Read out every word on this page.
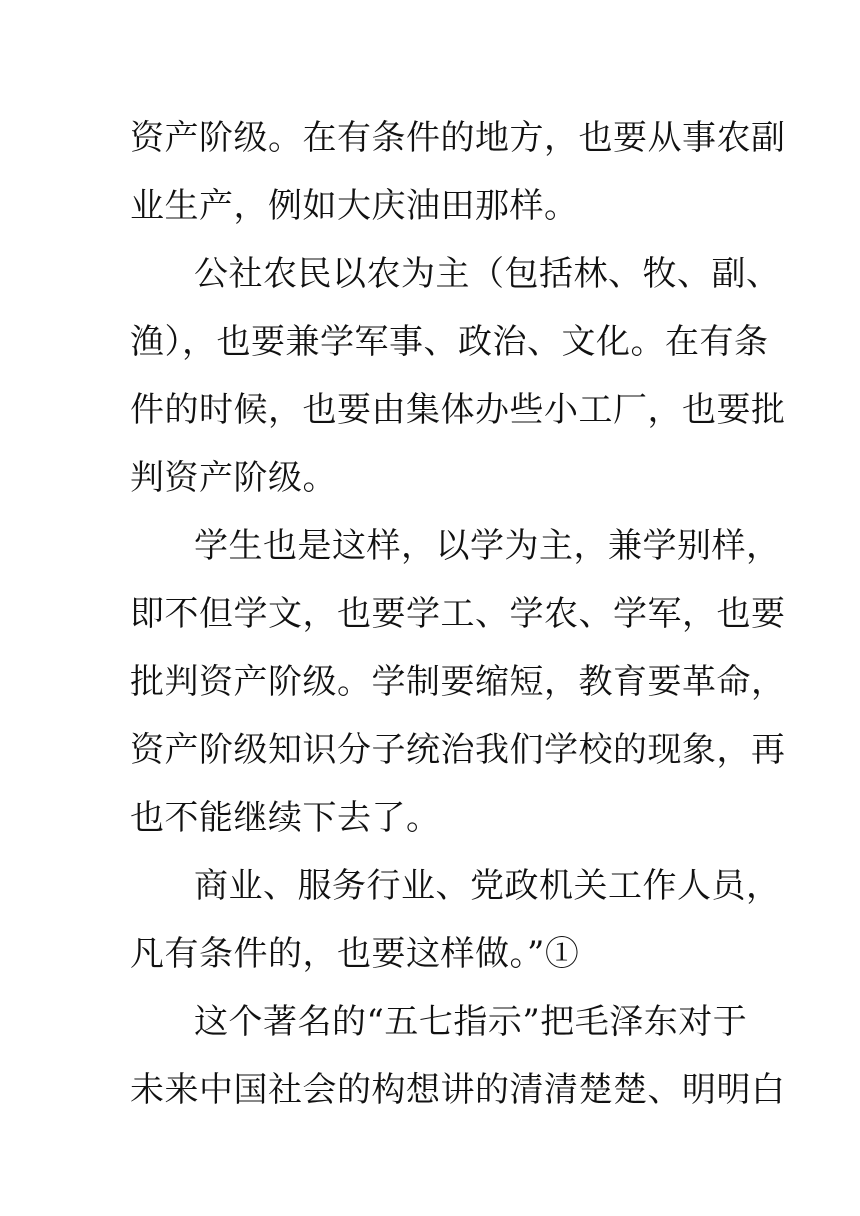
资产阶级。在有条件的地方，也要从事农副
业生产，例如大庆油田那样。
公社农民以农为主（包括林、牧、副、
渔），也要兼学军事、政治、文化。在有条
件的时候，也要由集体办些小工厂，也要批
判资产阶级。
学生也是这样，以学为主，兼学别样，
即不但学文，也要学工、学农、学军，也要
批判资产阶级。学制要缩短，教育要革命，
资产阶级知识分子统治我们学校的现象，再
也不能继续下去了。
商业、服务行业、党政机关工作人员，
凡有条件的，也要这样做。”①
这个著名的“五七指示”把毛泽东对于
未来中国社会的构想讲的清清楚楚、明明白
